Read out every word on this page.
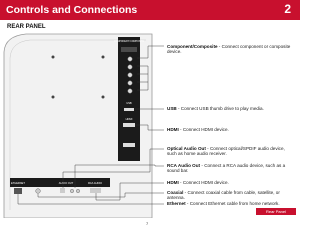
Controls and Connections	2
REAR PANEL
COMPONENT/ COMPOSITE
USB
HDMI
ETHERNET	AUDIO OUT	RCA AUDIO
Component/Composite - Connect component or composite device.
USB - Connect USB thumb drive to play media.
HDMI - Connect HDMI device.
Optical Audio Out - Connect optical/SPDIF audio device, such as home audio receiver.
RCA Audio Out - Connect a RCA audio device, such as a sound bar.
HDMI - Connect HDMI device.
Coaxial - Connect coaxial cable from cable, satellite, or antenna.
Ethernet - Connect Ethernet cable from home network.
Rear Panel
7
